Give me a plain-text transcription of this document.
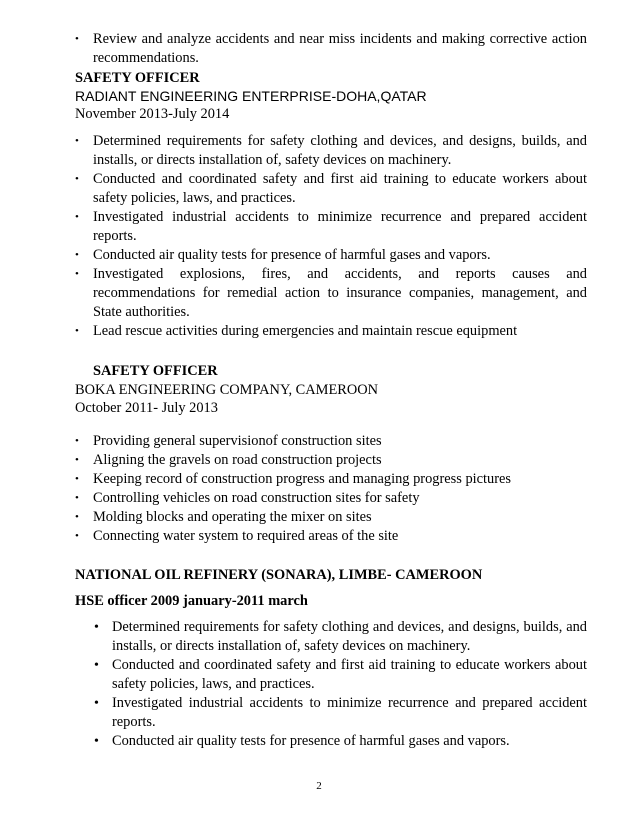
• Review and analyze accidents and near miss incidents and making corrective action recommendations.
SAFETY OFFICER
RADIANT ENGINEERING ENTERPRISE-DOHA,QATAR
November 2013-July 2014
• Determined requirements for safety clothing and devices, and designs, builds, and installs, or directs installation of, safety devices on machinery.
• Conducted and coordinated safety and first aid training to educate workers about safety policies, laws, and practices.
• Investigated industrial accidents to minimize recurrence and prepared accident reports.
• Conducted air quality tests for presence of harmful gases and vapors.
• Investigated explosions, fires, and accidents, and reports causes and recommendations for remedial action to insurance companies, management, and State authorities.
• Lead rescue activities during emergencies and maintain rescue equipment
SAFETY OFFICER
BOKA ENGINEERING COMPANY, CAMEROON
October 2011- July 2013
• Providing general supervisionof construction sites
• Aligning the gravels on road construction projects
• Keeping record of construction progress and managing progress pictures
• Controlling vehicles on road construction sites for safety
• Molding blocks and operating the mixer on sites
• Connecting water system to required areas of the site
NATIONAL OIL REFINERY (SONARA), LIMBE- CAMEROON
HSE officer 2009 january-2011 march
• Determined requirements for safety clothing and devices, and designs, builds, and installs, or directs installation of, safety devices on machinery.
• Conducted and coordinated safety and first aid training to educate workers about safety policies, laws, and practices.
• Investigated industrial accidents to minimize recurrence and prepared accident reports.
• Conducted air quality tests for presence of harmful gases and vapors.
2
